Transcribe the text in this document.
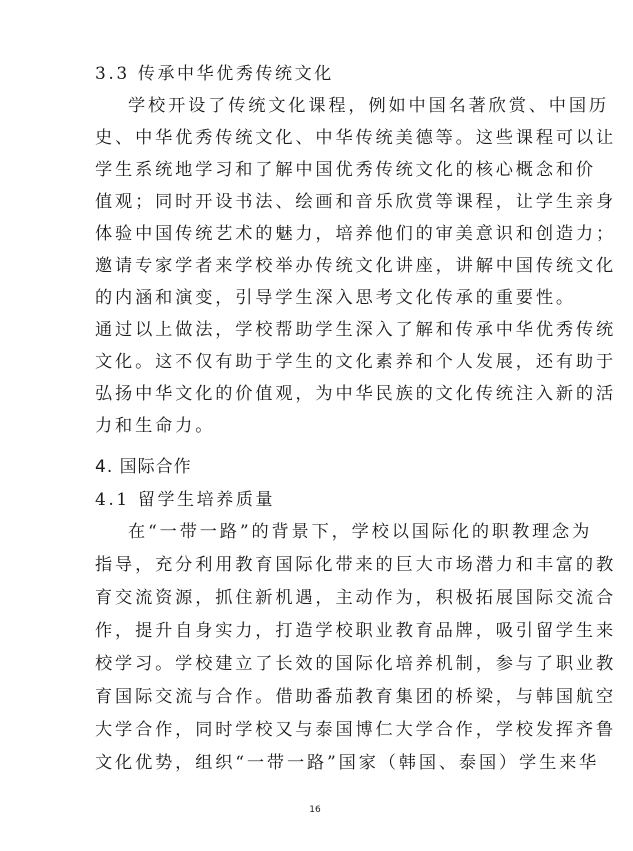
3.3 传承中华优秀传统文化
学校开设了传统文化课程，例如中国名著欣赏、中国历
史、中华优秀传统文化、中华传统美德等。这些课程可以让
学生系统地学习和了解中国优秀传统文化的核心概念和价
值观；同时开设书法、绘画和音乐欣赏等课程，让学生亲身
体验中国传统艺术的魅力，培养他们的审美意识和创造力；
邀请专家学者来学校举办传统文化讲座，讲解中国传统文化
的内涵和演变，引导学生深入思考文化传承的重要性。
通过以上做法，学校帮助学生深入了解和传承中华优秀传统
文化。这不仅有助于学生的文化素养和个人发展，还有助于
弘扬中华文化的价值观，为中华民族的文化传统注入新的活
力和生命力。
4. 国际合作
4.1 留学生培养质量
在“一带一路”的背景下，学校以国际化的职教理念为
指导，充分利用教育国际化带来的巨大市场潜力和丰富的教
育交流资源，抓住新机遇，主动作为，积极拓展国际交流合
作，提升自身实力，打造学校职业教育品牌，吸引留学生来
校学习。学校建立了长效的国际化培养机制，参与了职业教
育国际交流与合作。借助番茄教育集团的桥梁，与韩国航空
大学合作，同时学校又与泰国博仁大学合作，学校发挥齐鲁
文化优势，组织“一带一路”国家（韩国、泰国）学生来华
16
